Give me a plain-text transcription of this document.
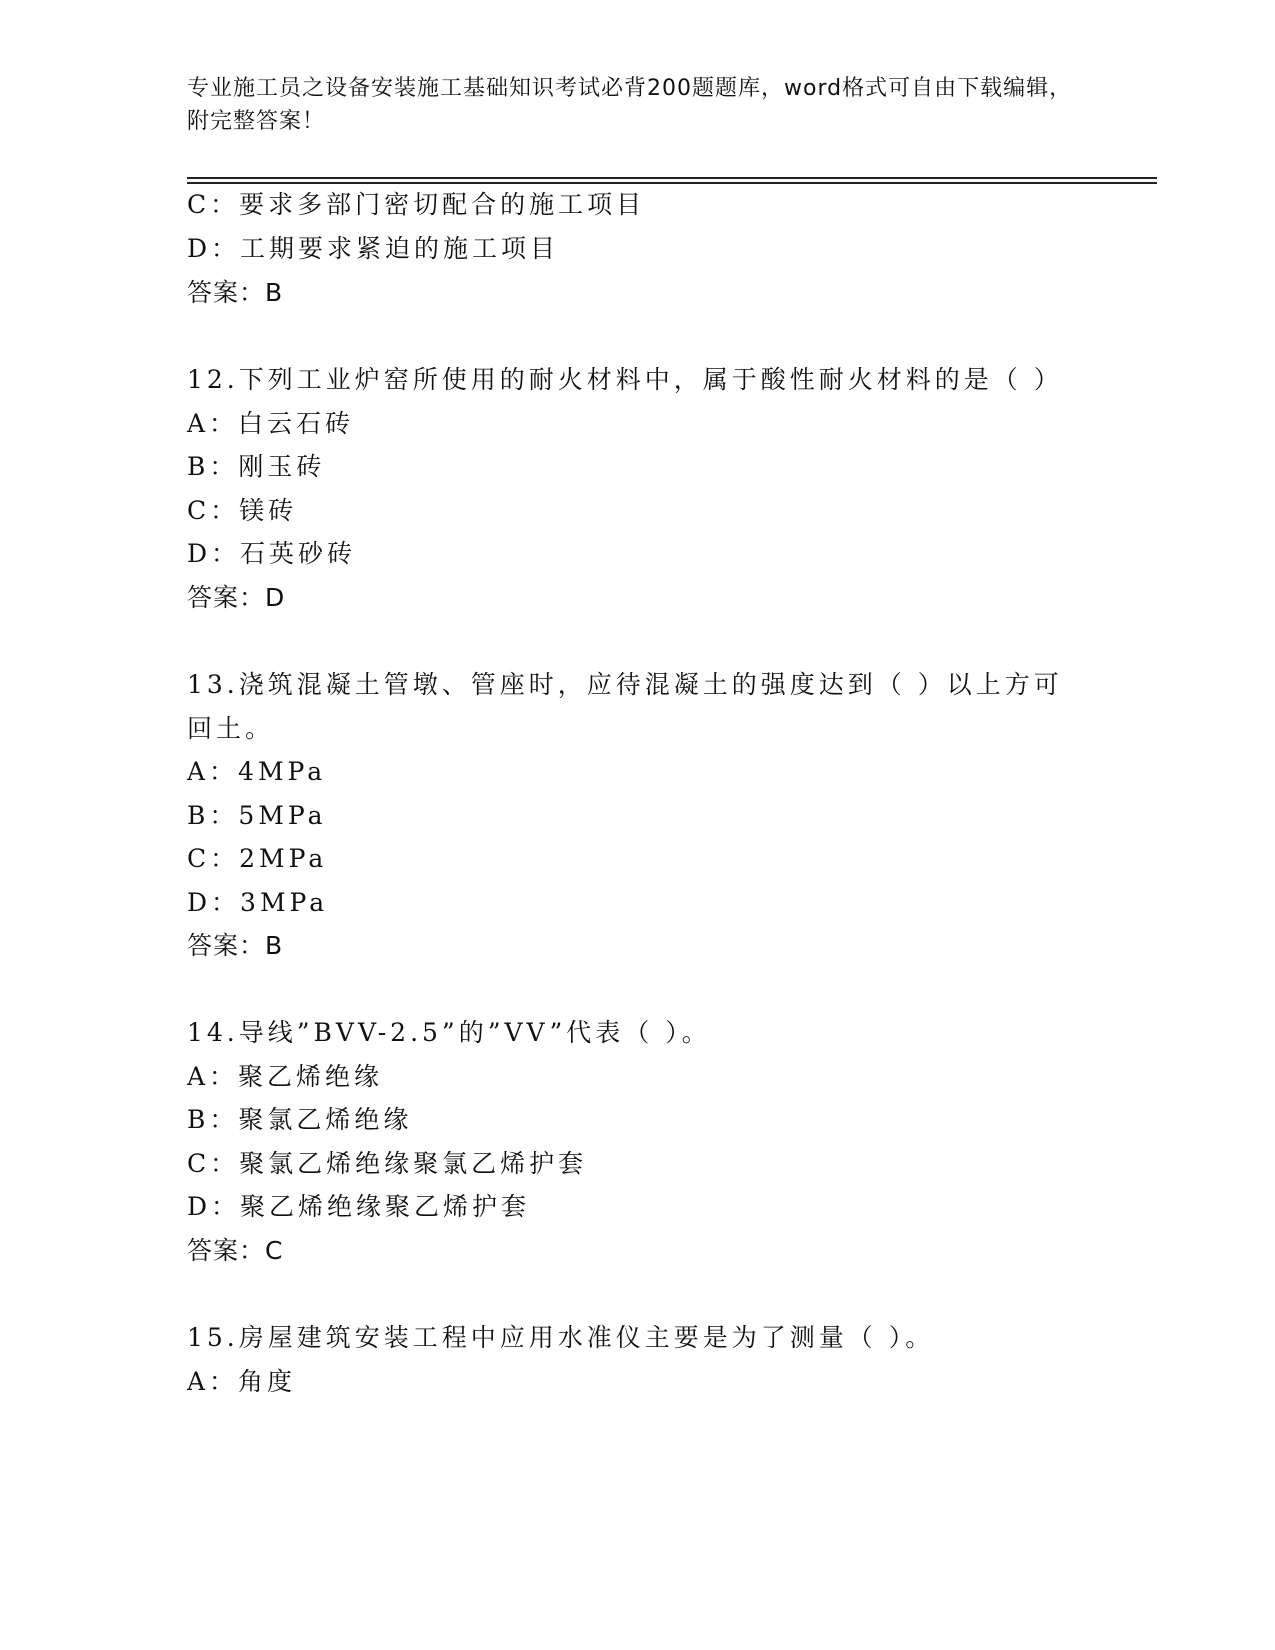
专业施工员之设备安装施工基础知识考试必背200题题库，word格式可自由下载编辑，附完整答案！
C：要求多部门密切配合的施工项目
D：工期要求紧迫的施工项目
答案：B
12.下列工业炉窑所使用的耐火材料中，属于酸性耐火材料的是（ ）
A：白云石砖
B：刚玉砖
C：镁砖
D：石英砂砖
答案：D
13.浇筑混凝土管墩、管座时，应待混凝土的强度达到（ ）以上方可
回土。
A：4MPa
B：5MPa
C：2MPa
D：3MPa
答案：B
14.导线”BVV-2.5”的”VV”代表（ ）。
A：聚乙烯绝缘
B：聚氯乙烯绝缘
C：聚氯乙烯绝缘聚氯乙烯护套
D：聚乙烯绝缘聚乙烯护套
答案：C
15.房屋建筑安装工程中应用水准仪主要是为了测量（ ）。
A：角度
